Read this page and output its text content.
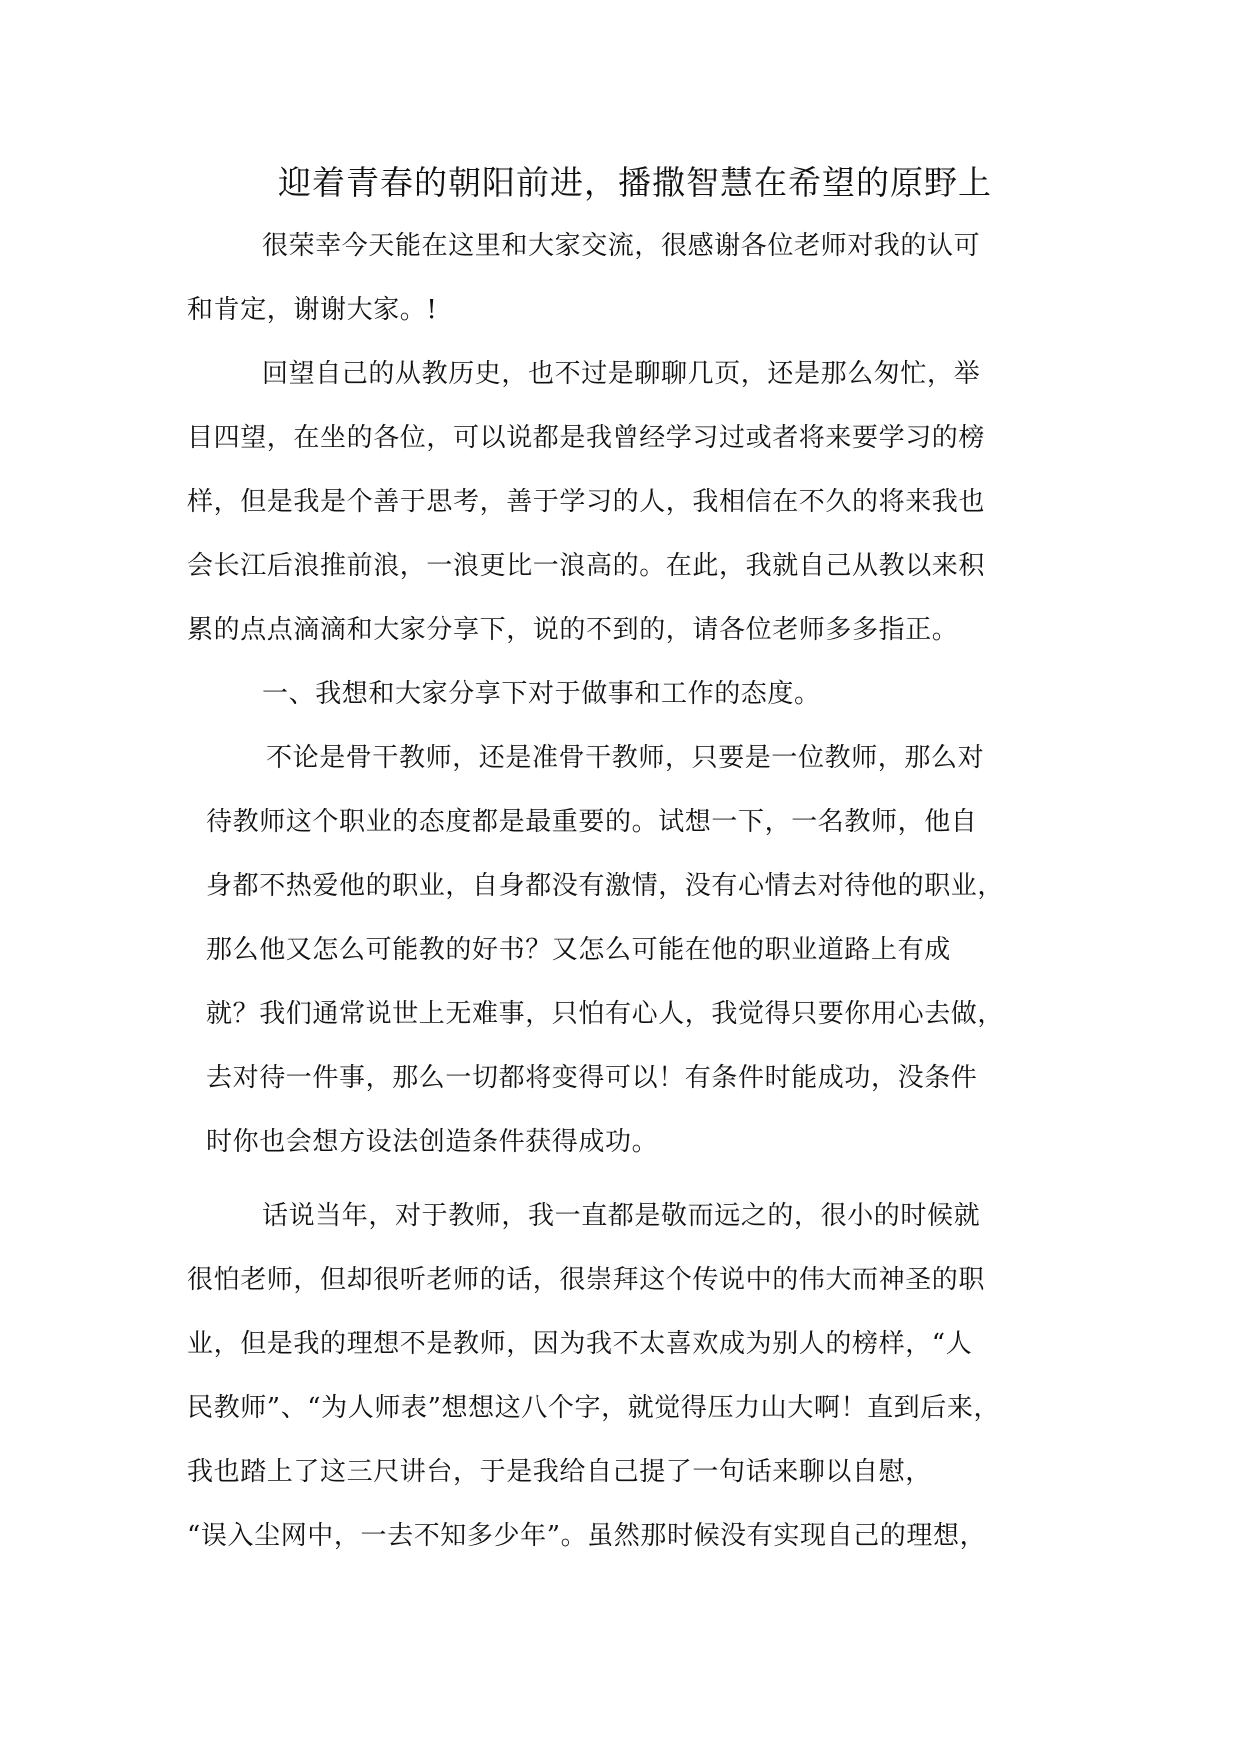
迎着青春的朝阳前进，播撒智慧在希望的原野上
很荣幸今天能在这里和大家交流，很感谢各位老师对我的认可
和肯定，谢谢大家。!
回望自己的从教历史，也不过是聊聊几页，还是那么匆忙，举
目四望，在坐的各位，可以说都是我曾经学习过或者将来要学习的榜
样，但是我是个善于思考，善于学习的人，我相信在不久的将来我也
会长江后浪推前浪，一浪更比一浪高的。在此，我就自己从教以来积
累的点点滴滴和大家分享下，说的不到的，请各位老师多多指正。
一、我想和大家分享下对于做事和工作的态度。
不论是骨干教师，还是准骨干教师，只要是一位教师，那么对
待教师这个职业的态度都是最重要的。试想一下，一名教师，他自
身都不热爱他的职业，自身都没有激情，没有心情去对待他的职业，
那么他又怎么可能教的好书？又怎么可能在他的职业道路上有成
就？我们通常说世上无难事，只怕有心人，我觉得只要你用心去做，
去对待一件事，那么一切都将变得可以！有条件时能成功，没条件
时你也会想方设法创造条件获得成功。
话说当年，对于教师，我一直都是敬而远之的，很小的时候就
很怕老师，但却很听老师的话，很崇拜这个传说中的伟大而神圣的职
业，但是我的理想不是教师，因为我不太喜欢成为别人的榜样，“人
民教师”、“为人师表”想想这八个字，就觉得压力山大啊！直到后来，
我也踏上了这三尺讲台，于是我给自己提了一句话来聊以自慰，
“误入尘网中，一去不知多少年”。虽然那时候没有实现自己的理想，
